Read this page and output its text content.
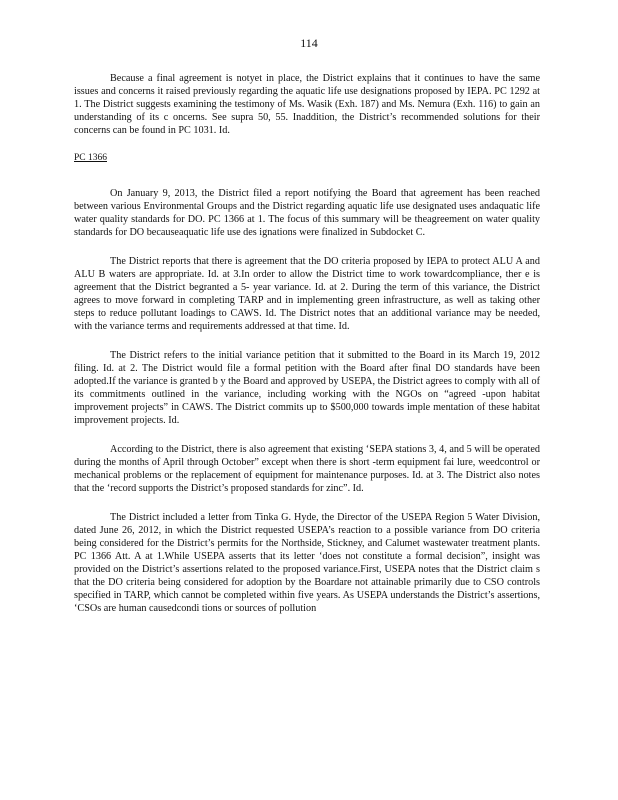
114

Because a final agreement is notyet in place, the District explains that it continues to have the same issues and concerns it raised previously regarding the aquatic life use designations proposed by IEPA. PC 1292 at 1. The District suggests examining the testimony of Ms. Wasik (Exh. 187) and Ms. Nemura (Exh. 116) to gain an understanding of its c oncerns. See supra 50, 55. Inaddition, the District’s recommended solutions for their concerns can be found in PC 1031. Id.

PC 1366

On January 9, 2013, the District filed a report notifying the Board that agreement has been reached between various Environmental Groups and the District regarding aquatic life use designated uses andaquatic life water quality standards for DO. PC 1366 at 1. The focus of this summary will be theagreement on water quality standards for DO becauseaquatic life use des ignations were finalized in Subdocket C.

The District reports that there is agreement that the DO criteria proposed by IEPA to protect ALU A and ALU B waters are appropriate. Id. at 3.In order to allow the District time to work towardcompliance, ther e is agreement that the District begranted a 5- year variance. Id. at 2. During the term of this variance, the District agrees to move forward in completing TARP and in implementing green infrastructure, as well as taking other steps to reduce pollutant loadings to CAWS. Id. The District notes that an additional variance may be needed, with the variance terms and requirements addressed at that time. Id.

The District refers to the initial variance petition that it submitted to the Board in its March 19, 2012 filing. Id. at 2. The District would file a formal petition with the Board after final DO standards have been adopted.If the variance is granted b y the Board and approved by USEPA, the District agrees to comply with all of its commitments outlined in the variance, including working with the NGOs on “agreed -upon habitat improvement projects” in CAWS. The District commits up to $500,000 towards imple mentation of these habitat improvement projects. Id.

According to the District, there is also agreement that existing ‘SEPA stations 3, 4, and 5 will be operated during the months of April through October” except when there is short -term equipment fai lure, weedcontrol or mechanical problems or the replacement of equipment for maintenance purposes. Id. at 3. The District also notes that the ‘record supports the District’s proposed standards for zinc”. Id.

The District included a letter from Tinka G. Hyde, the Director of the USEPA Region 5 Water Division, dated June 26, 2012, in which the District requested USEPA’s reaction to a possible variance from DO criteria being considered for the District’s permits for the Northside, Stickney, and Calumet wastewater treatment plants. PC 1366 Att. A at 1.While USEPA asserts that its letter ‘does not constitute a formal decision”, insight was provided on the District’s assertions related to the proposed variance.First, USEPA notes that the District claim s that the DO criteria being considered for adoption by the Boardare not attainable primarily due to CSO controls specified in TARP, which cannot be completed within five years. As USEPA understands the District’s assertions, ‘CSOs are human causedcondi tions or sources of pollution
